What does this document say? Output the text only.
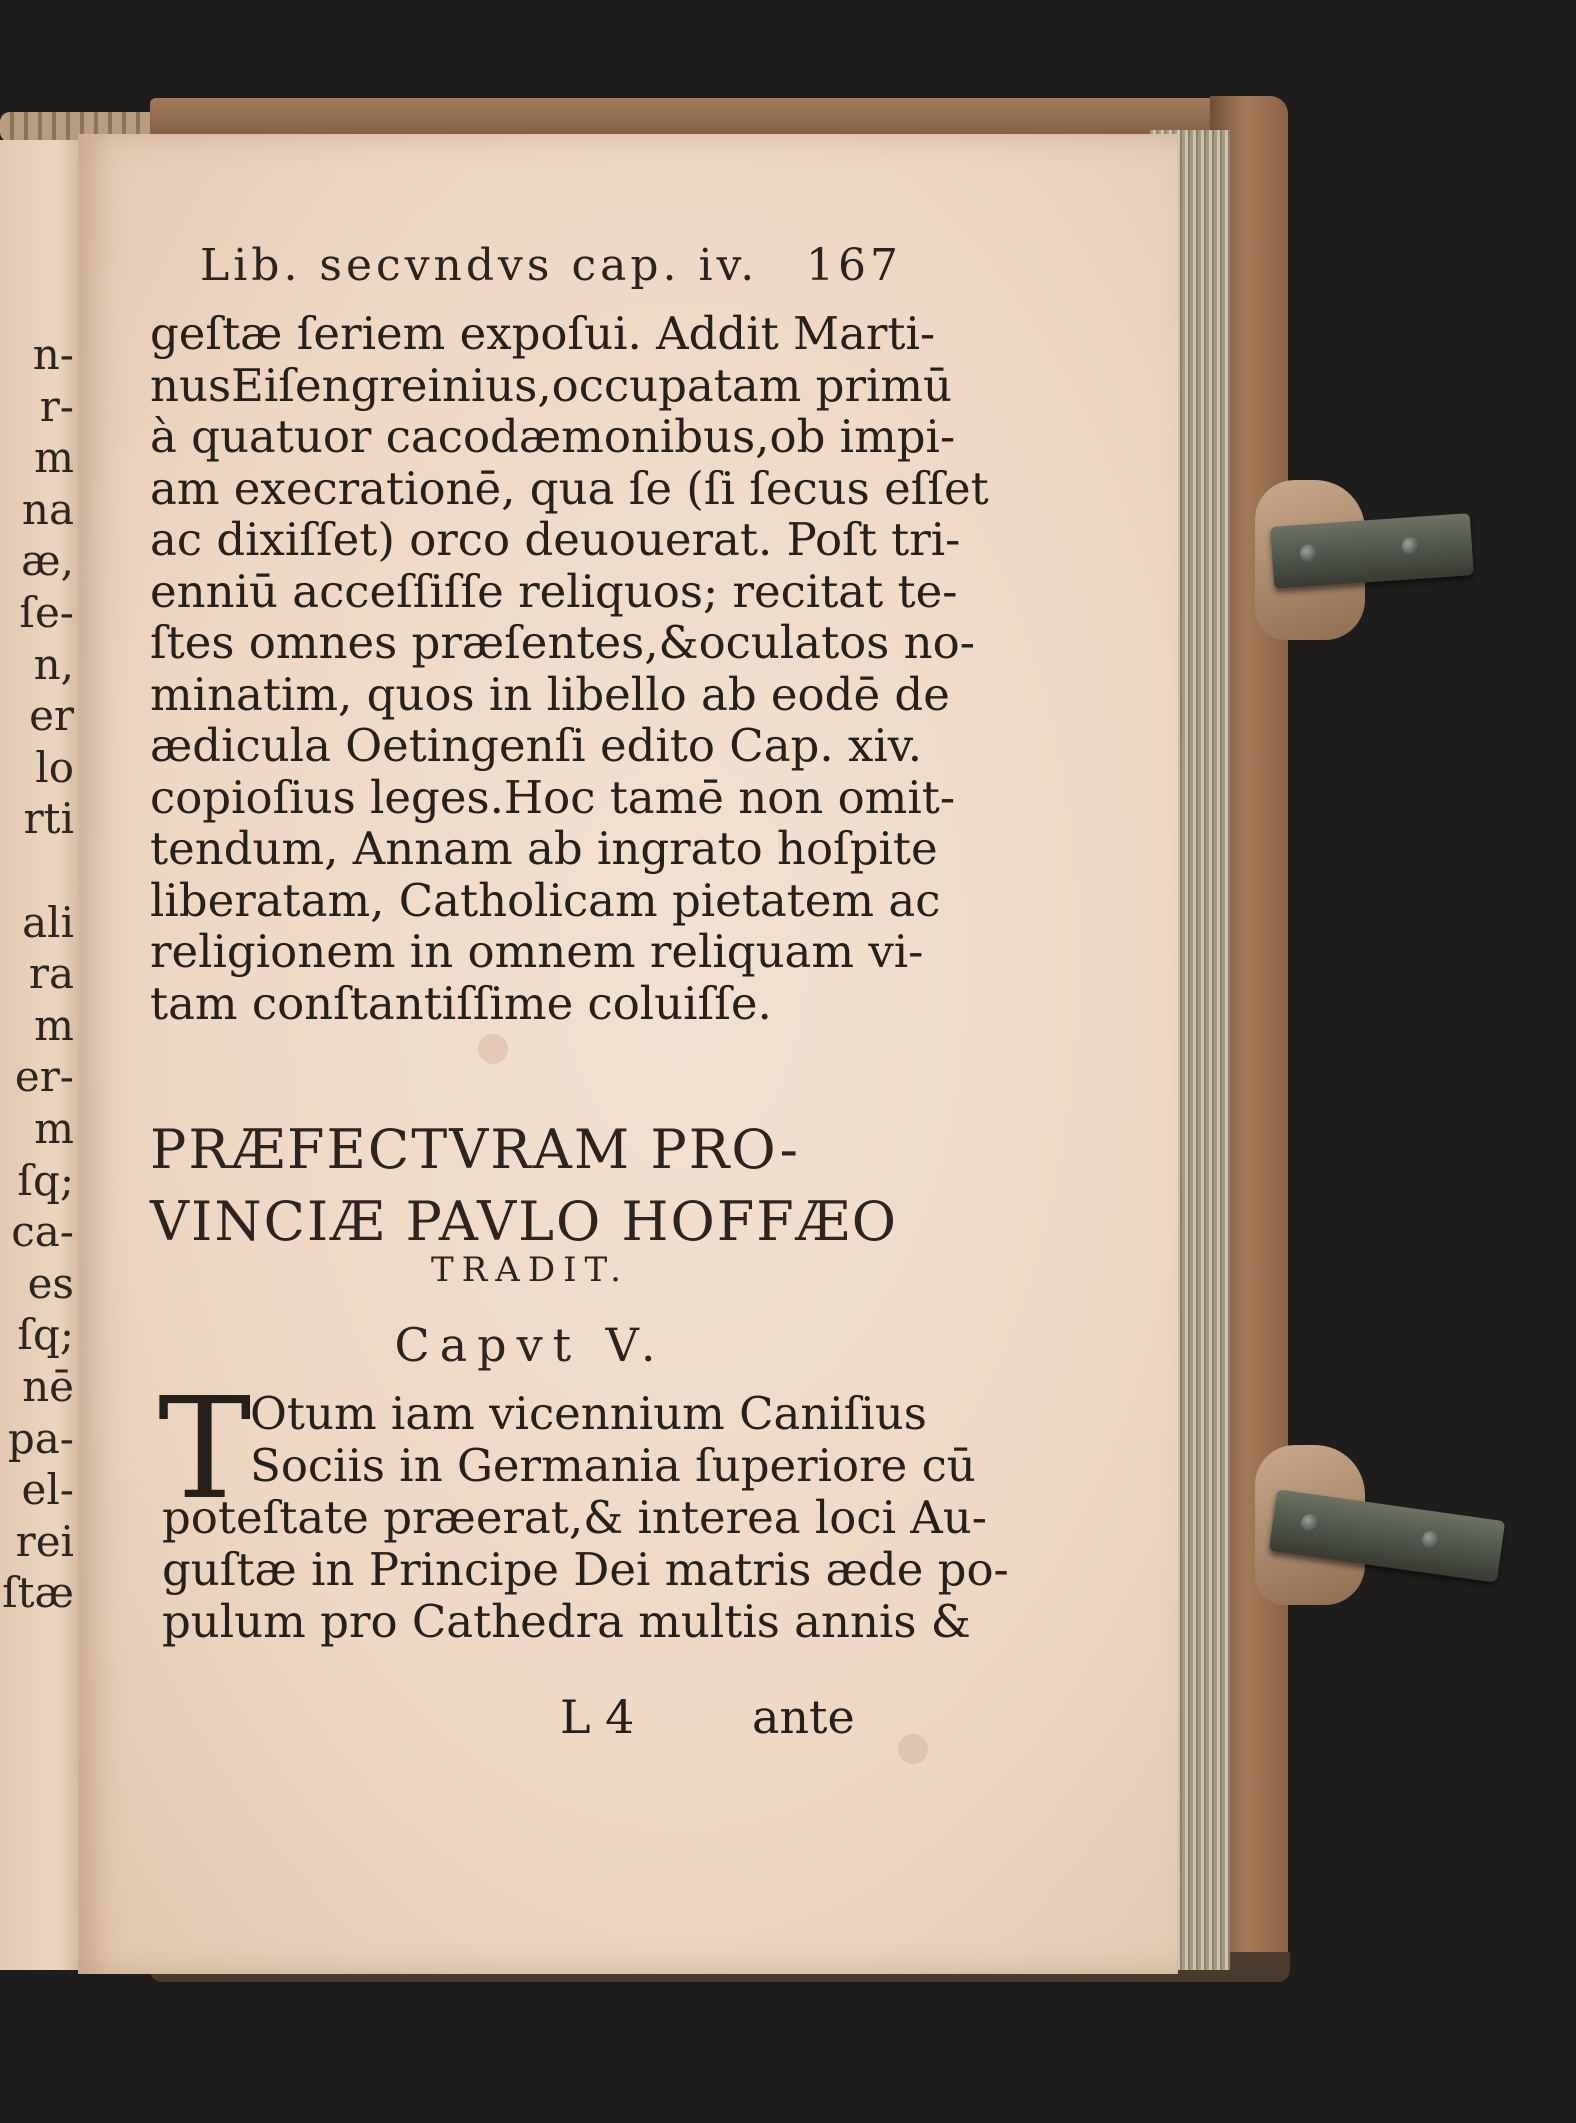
n-
r-
m
na
æ,
ſe-
n,
er
lo
rti
ali
ra
m
er-
m
ſq;
ca-
es
ſq;
nē
pa-
el-
rei
ſtæ
Lib. secvndvs cap. iv. 167
geſtæ ſeriem expoſui. Addit Marti-
nusEiſengreinius,occupatam primū
à quatuor cacodæmonibus,ob impi-
am execrationē, qua ſe (ſi ſecus eſſet
ac dixiſſet) orco deuouerat. Poſt tri-
enniū acceſſiſſe reliquos; recitat te-
ſtes omnes præſentes,&oculatos no-
minatim, quos in libello ab eodē de
ædicula Oetingenſi edito Cap. xiv.
copioſius leges.Hoc tamē non omit-
tendum, Annam ab ingrato hoſpite
liberatam, Catholicam pietatem ac
religionem in omnem reliquam vi-
tam conſtantiſſime coluiſſe.
PRÆFECTVRAM PRO-
VINCIÆ PAVLO HOFFÆO
TRADIT.
Capvt V.
T
Otum iam vicennium Caniſius
Sociis in Germania ſuperiore cū
poteſtate præerat,& interea loci Au-
guſtæ in Principe Dei matris æde po-
pulum pro Cathedra multis annis &
L 4	ante
